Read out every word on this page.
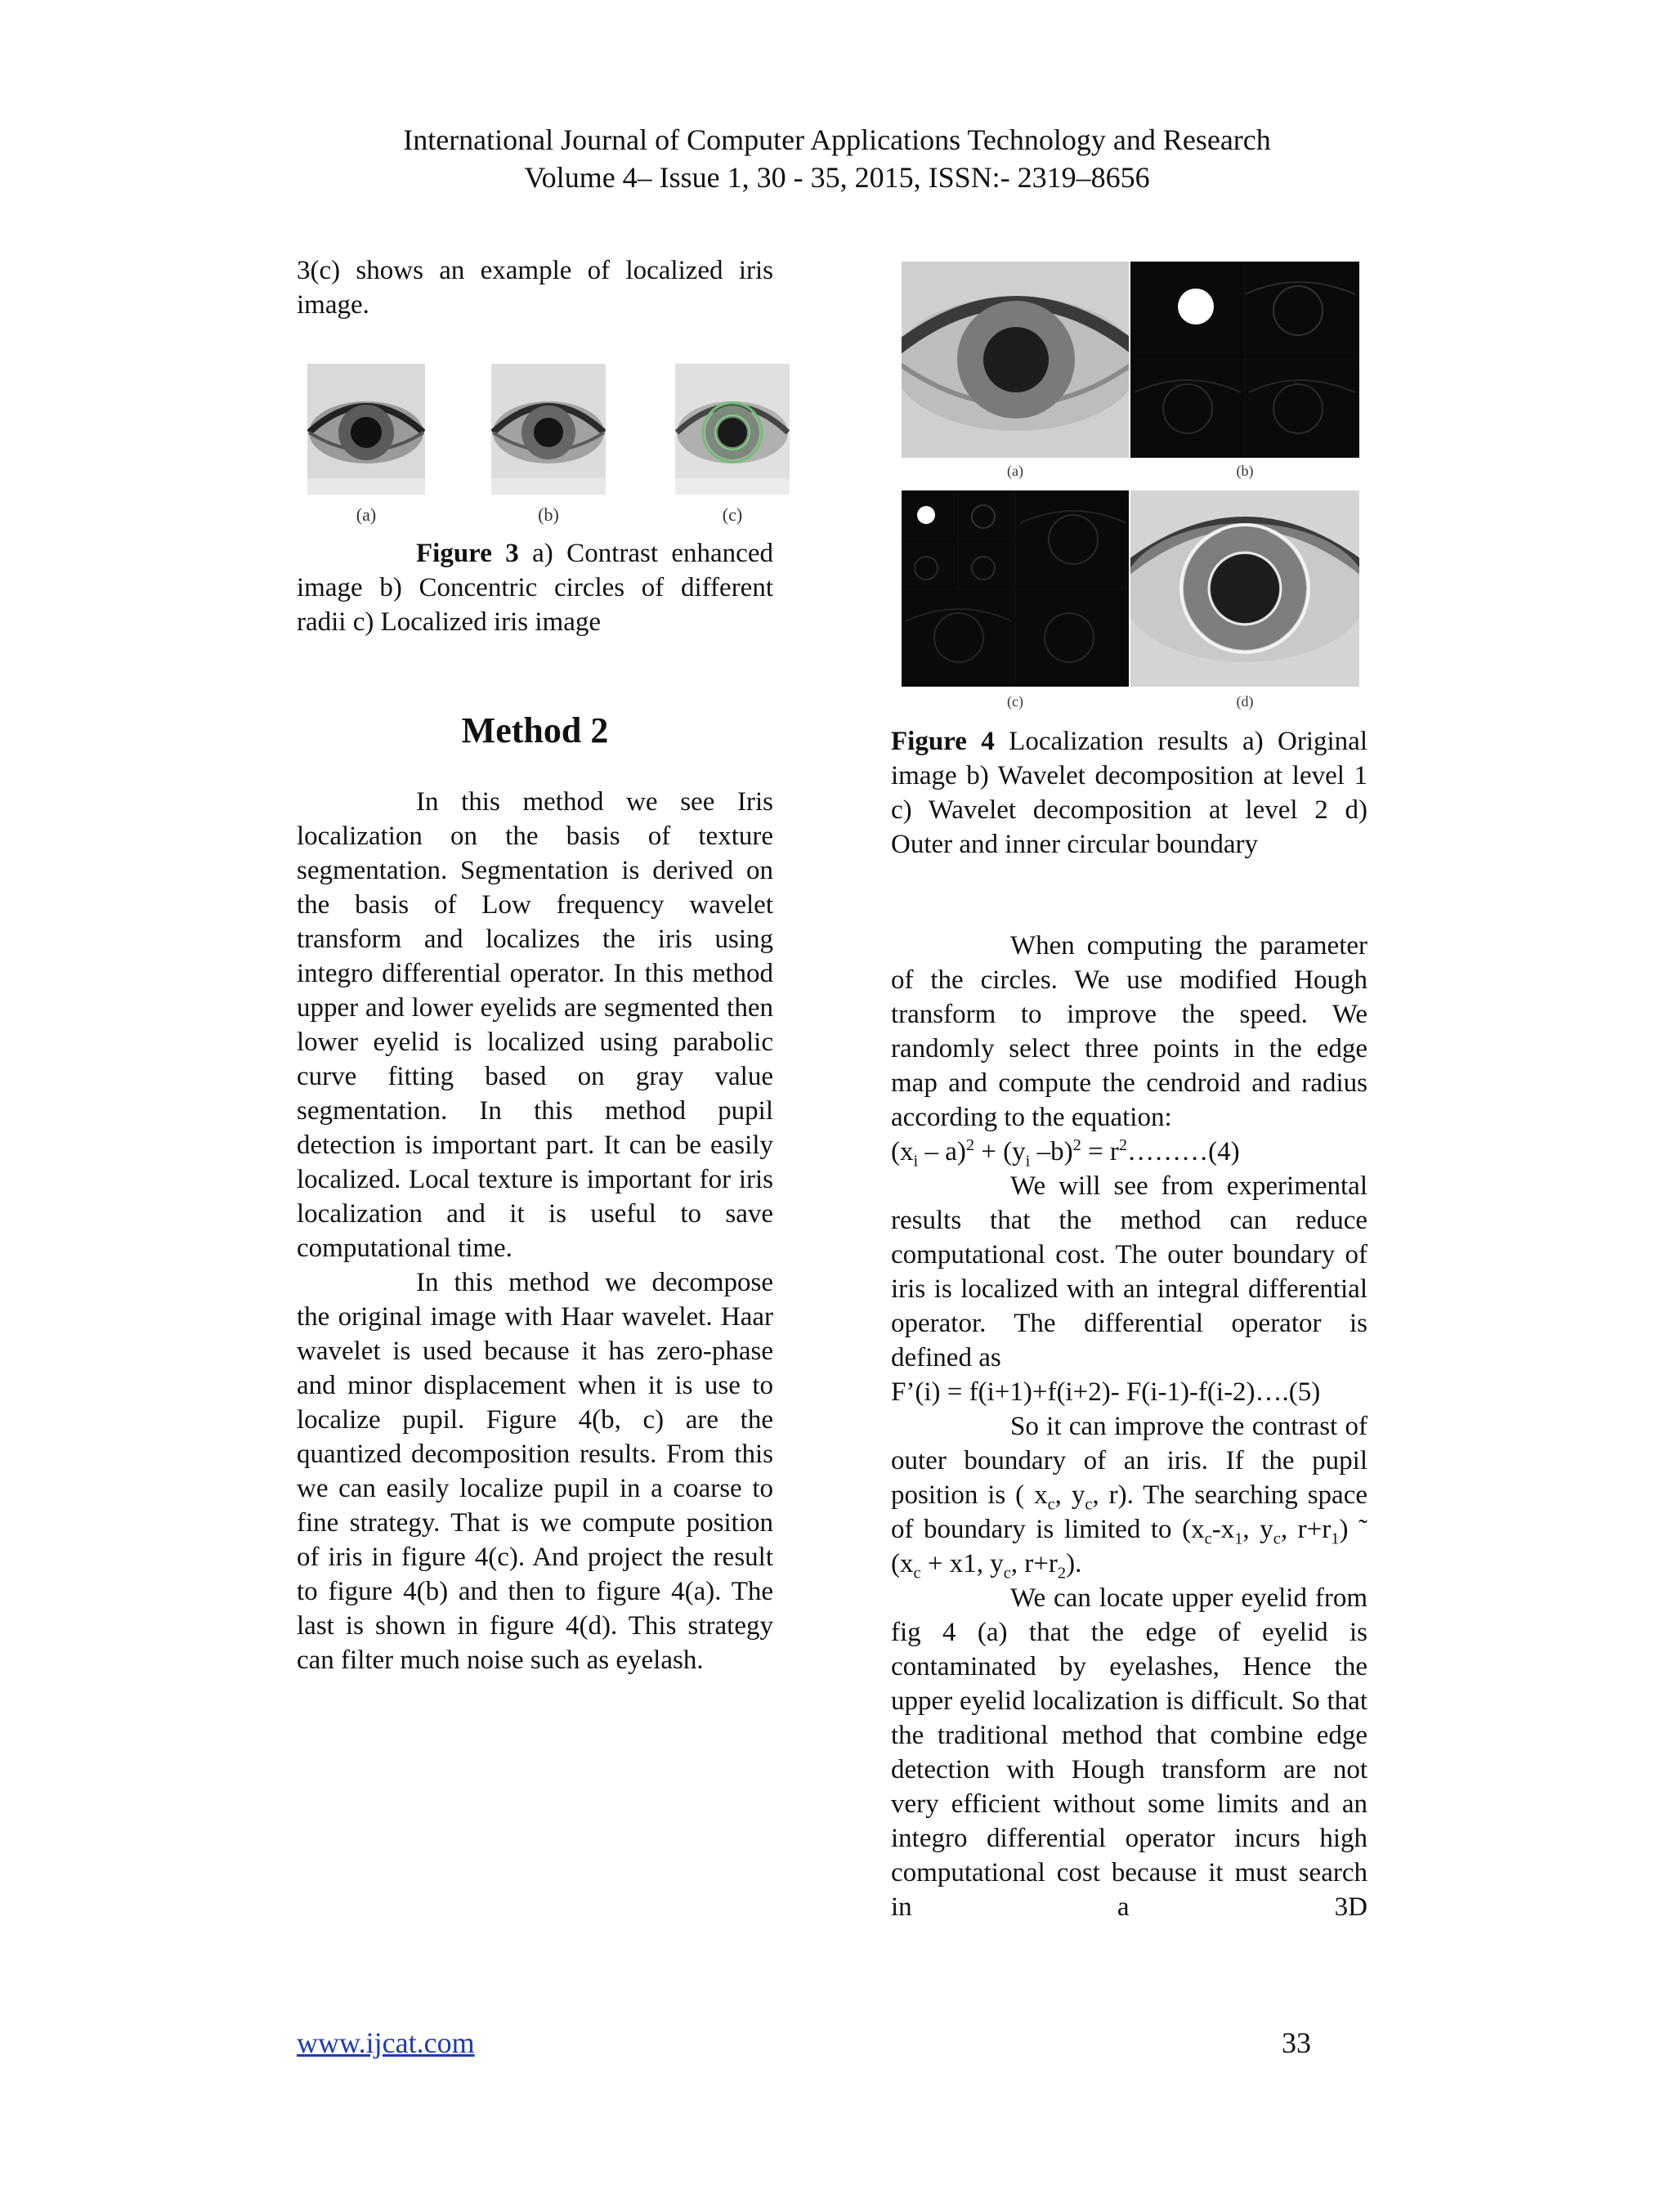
International Journal of Computer Applications Technology and Research
Volume 4– Issue 1, 30 - 35, 2015, ISSN:- 2319–8656

3(c) shows an example of localized iris image.

(a)	(b)	(c)

Figure 3 a) Contrast enhanced image b) Concentric circles of different radii c) Localized iris image

Method 2

In this method we see Iris localization on the basis of texture segmentation. Segmentation is derived on the basis of Low frequency wavelet transform and localizes the iris using integro differential operator. In this method upper and lower eyelids are segmented then lower eyelid is localized using parabolic curve fitting based on gray value segmentation. In this method pupil detection is important part. It can be easily localized. Local texture is important for iris localization and it is useful to save computational time.

In this method we decompose the original image with Haar wavelet. Haar wavelet is used because it has zero-phase and minor displacement when it is use to localize pupil. Figure 4(b, c) are the quantized decomposition results. From this we can easily localize pupil in a coarse to fine strategy. That is we compute position of iris in figure 4(c). And project the result to figure 4(b) and then to figure 4(a). The last is shown in figure 4(d). This strategy can filter much noise such as eyelash.

(a)	(b)
(c)	(d)

Figure 4 Localization results a) Original image b) Wavelet decomposition at level 1 c) Wavelet decomposition at level 2 d) Outer and inner circular boundary

When computing the parameter of the circles. We use modified Hough transform to improve the speed. We randomly select three points in the edge map and compute the cendroid and radius according to the equation:

$(x_i - a)^2 + (y_i$ $-b)^2 = r^2\dots\dots\dots(4)$

We will see from experimental results that the method can reduce computational cost. The outer boundary of iris is localized with an integral differential operator. The differential operator is defined as

F’(i) = f(i+1)+f(i+2)- F(i-1)-f(i-2)….(5)

So it can improve the contrast of outer boundary of an iris. If the pupil position is ( $x_c$, $y_c$, r). The searching space of boundary is limited to ($x_c-x_1$, $y_c$, $r+r_1$) ˜ ($x_c + x1$, $y_c$, $r+r_2$).

We can locate upper eyelid from fig 4 (a) that the edge of eyelid is contaminated by eyelashes, Hence the upper eyelid localization is difficult. So that the traditional method that combine edge detection with Hough transform are not very efficient without some limits and an integro differential operator incurs high computational cost because it must search in a 3D

www.ijcat.com	33
